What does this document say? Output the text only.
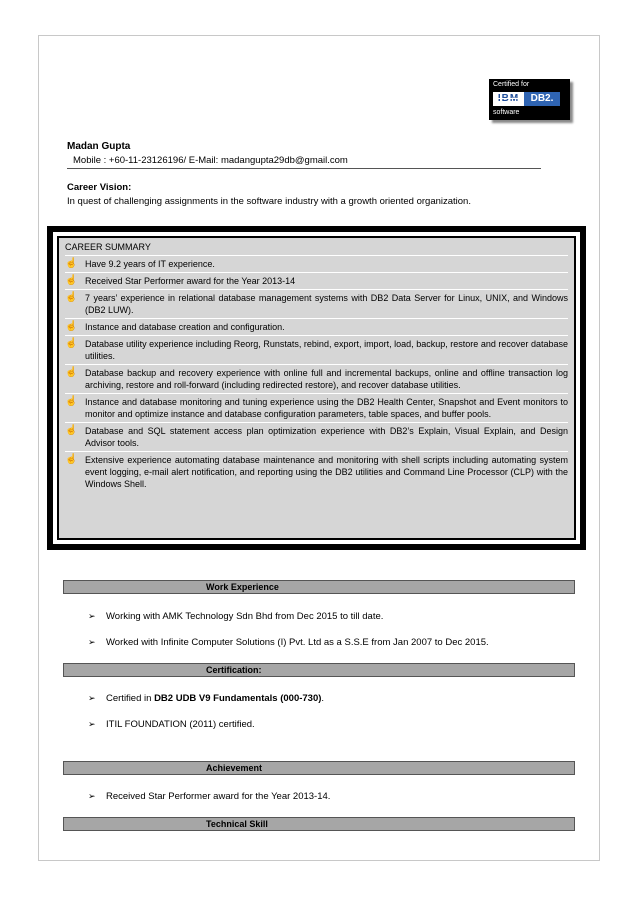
Certified for
IBM	DB2.
software
Madan Gupta
Mobile : +60-11-23126196/ E-Mail: madangupta29db@gmail.com
Career Vision:
In quest of challenging assignments in the software industry with a growth oriented organization.
CAREER SUMMARY
☝ Have 9.2 years of IT experience.
☝ Received Star Performer award for the Year 2013-14
☝ 7 years’ experience in relational database management systems with DB2 Data Server for Linux, UNIX, and Windows (DB2 LUW).
☝ Instance and database creation and configuration.
☝ Database utility experience including Reorg, Runstats, rebind, export, import, load, backup, restore and recover database utilities.
☝ Database backup and recovery experience with online full and incremental backups, online and offline transaction log archiving, restore and roll-forward (including redirected restore), and recover database utilities.
☝ Instance and database monitoring and tuning experience using the DB2 Health Center, Snapshot and Event monitors to monitor and optimize instance and database configuration parameters, table spaces, and buffer pools.
☝ Database and SQL statement access plan optimization experience with DB2’s Explain, Visual Explain, and Design Advisor tools.
☝ Extensive experience automating database maintenance and monitoring with shell scripts including automating system event logging, e-mail alert notification, and reporting using the DB2 utilities and Command Line Processor (CLP) with the Windows Shell.
Work Experience
➢	Working with AMK Technology Sdn Bhd from Dec 2015 to till date.
➢	Worked with Infinite Computer Solutions (I) Pvt. Ltd as a S.S.E from Jan 2007 to Dec 2015.
Certification:
➢	Certified in DB2 UDB V9 Fundamentals (000-730) .
➢	ITIL FOUNDATION (2011) certified.
Achievement
➢	Received Star Performer award for the Year 2013-14.
Technical Skill
